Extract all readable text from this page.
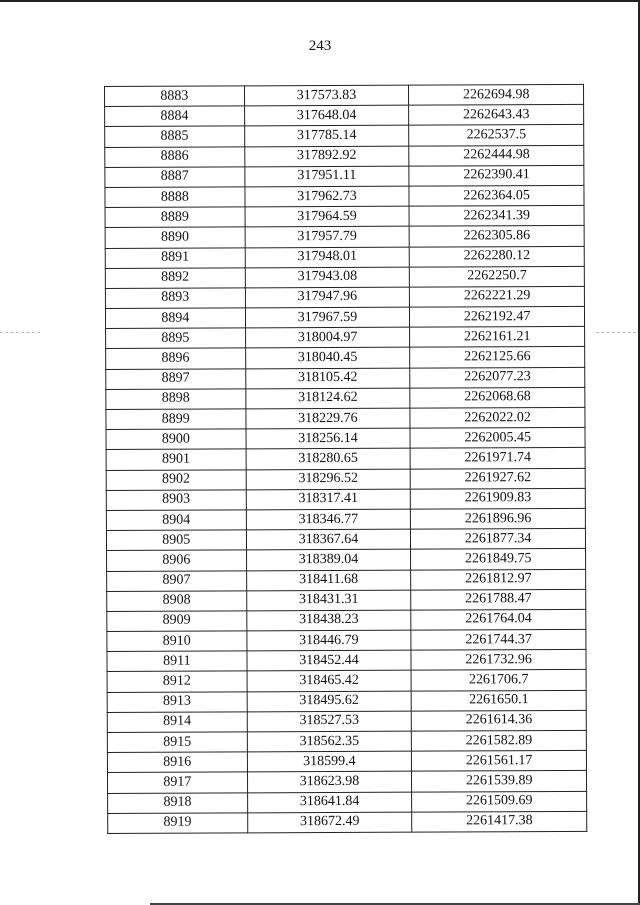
243
8883	317573.83	2262694.98
8884	317648.04	2262643.43
8885	317785.14	2262537.5
8886	317892.92	2262444.98
8887	317951.11	2262390.41
8888	317962.73	2262364.05
8889	317964.59	2262341.39
8890	317957.79	2262305.86
8891	317948.01	2262280.12
8892	317943.08	2262250.7
8893	317947.96	2262221.29
8894	317967.59	2262192.47
8895	318004.97	2262161.21
8896	318040.45	2262125.66
8897	318105.42	2262077.23
8898	318124.62	2262068.68
8899	318229.76	2262022.02
8900	318256.14	2262005.45
8901	318280.65	2261971.74
8902	318296.52	2261927.62
8903	318317.41	2261909.83
8904	318346.77	2261896.96
8905	318367.64	2261877.34
8906	318389.04	2261849.75
8907	318411.68	2261812.97
8908	318431.31	2261788.47
8909	318438.23	2261764.04
8910	318446.79	2261744.37
8911	318452.44	2261732.96
8912	318465.42	2261706.7
8913	318495.62	2261650.1
8914	318527.53	2261614.36
8915	318562.35	2261582.89
8916	318599.4	2261561.17
8917	318623.98	2261539.89
8918	318641.84	2261509.69
8919	318672.49	2261417.38
